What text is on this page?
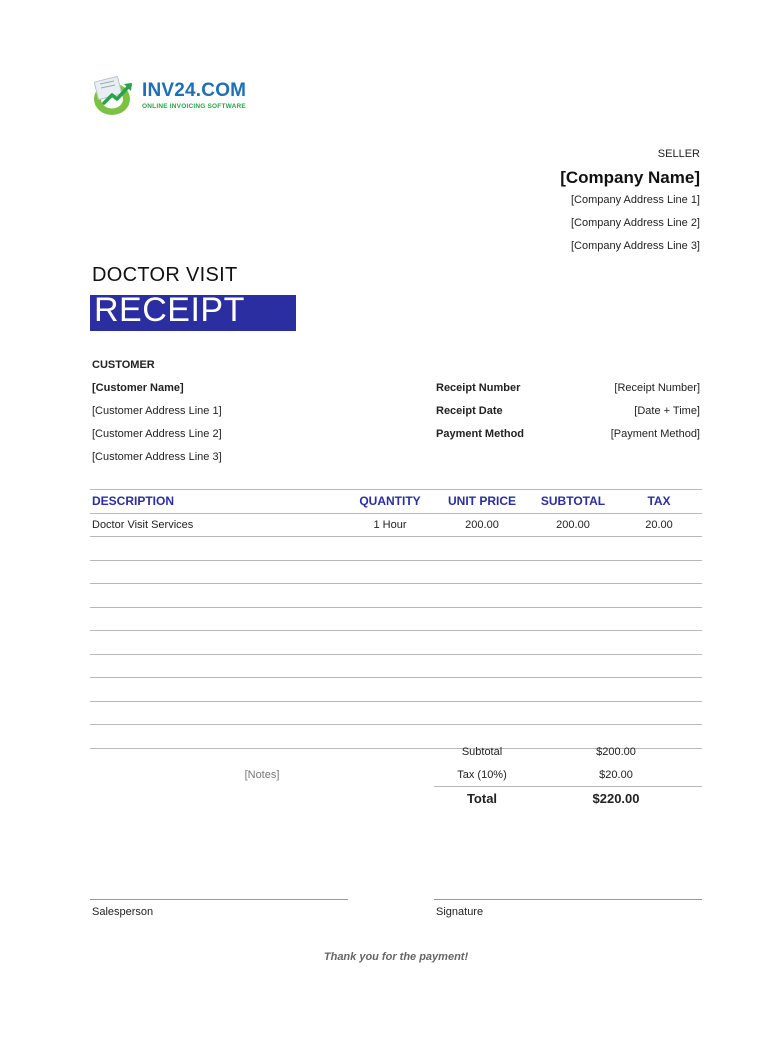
INV24.COM
ONLINE INVOICING SOFTWARE
SELLER
[Company Name]
[Company Address Line 1]
[Company Address Line 2]
[Company Address Line 3]
DOCTOR VISIT
RECEIPT
CUSTOMER
[Customer Name]
[Customer Address Line 1]
[Customer Address Line 2]
[Customer Address Line 3]
Receipt Number	[Receipt Number]
Receipt Date	[Date + Time]
Payment Method	[Payment Method]
DESCRIPTION	QUANTITY	UNIT PRICE	SUBTOTAL	TAX
Doctor Visit Services	1 Hour	200.00	200.00	20.00
[Notes]
Subtotal	$200.00
Tax (10%)	$20.00
Total	$220.00
Salesperson	Signature
Thank you for the payment!
